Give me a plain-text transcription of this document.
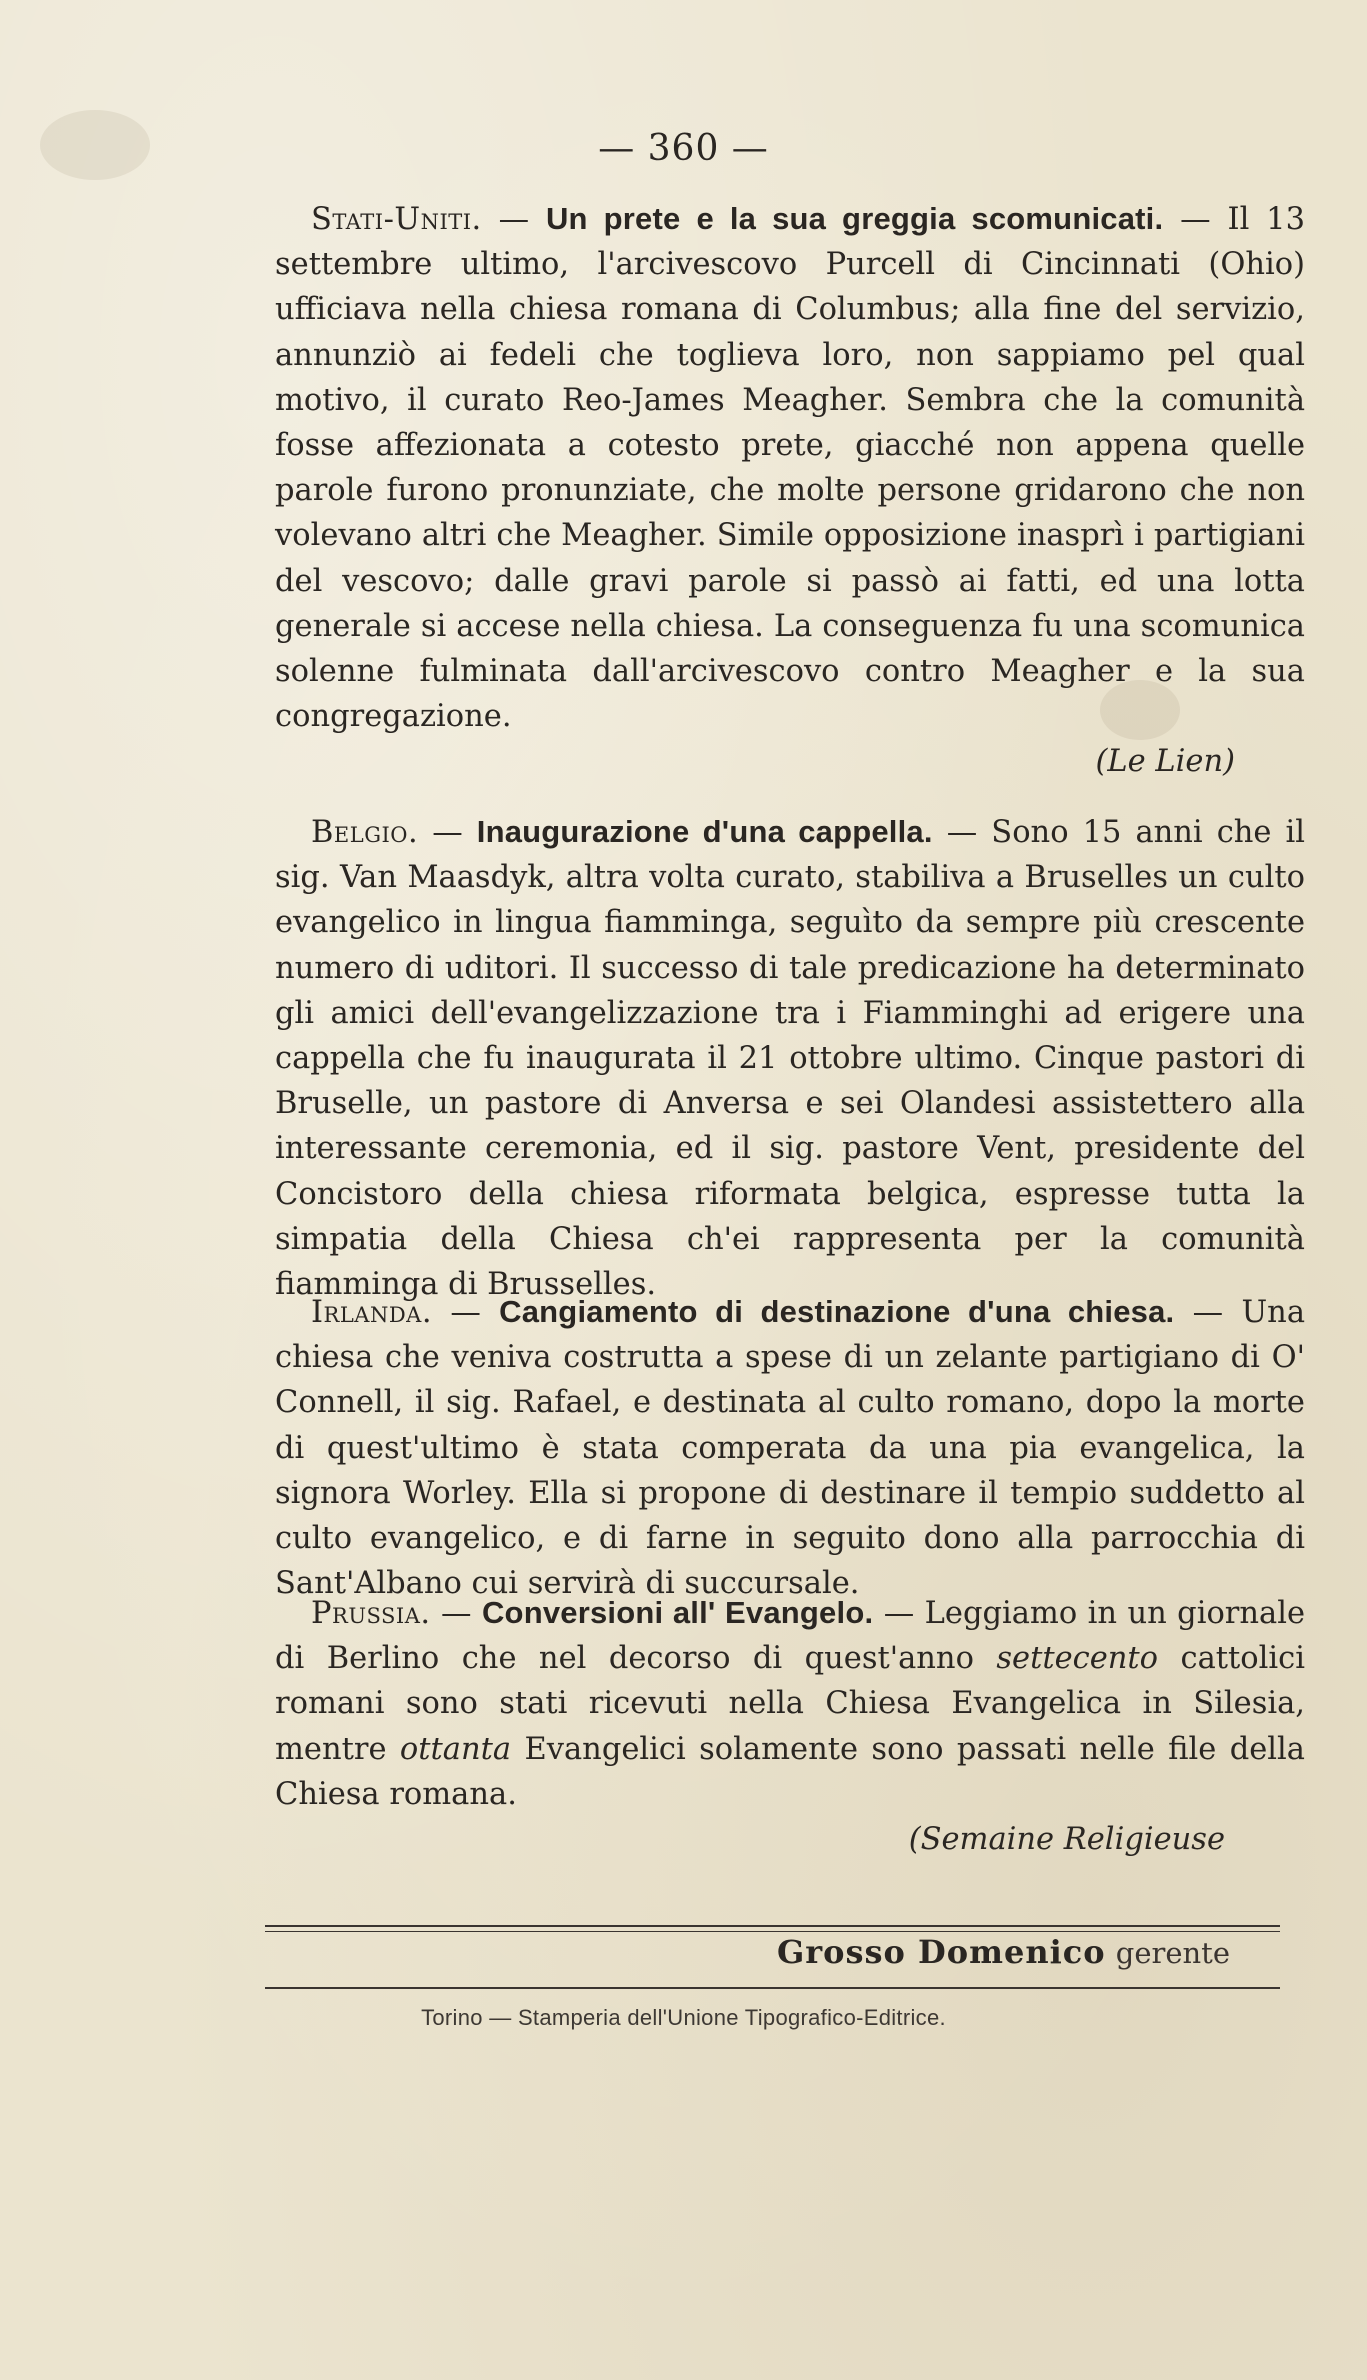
— 360 —

Stati-Uniti. — Un prete e la sua greggia scomunicati. — Il 13 settembre ultimo, l'arcivescovo Purcell di Cincinnati (Ohio) ufficiava nella chiesa romana di Columbus; alla fine del servizio, annunziò ai fedeli che toglieva loro, non sappiamo pel qual motivo, il curato Reo-James Meagher. Sembra che la comunità fosse affezionata a cotesto prete, giacché non appena quelle parole furono pronunziate, che molte persone gridarono che non volevano altri che Meagher. Simile opposizione inasprì i partigiani del vescovo; dalle gravi parole si passò ai fatti, ed una lotta generale si accese nella chiesa. La conseguenza fu una scomunica solenne fulminata dall'arcivescovo contro Meagher e la sua congregazione.

(Le Lien)

Belgio. — Inaugurazione d'una cappella. — Sono 15 anni che il sig. Van Maasdyk, altra volta curato, stabiliva a Bruselles un culto evangelico in lingua fiamminga, seguìto da sempre più crescente numero di uditori. Il successo di tale predicazione ha determinato gli amici dell'evangelizzazione tra i Fiamminghi ad erigere una cappella che fu inaugurata il 21 ottobre ultimo. Cinque pastori di Bruselle, un pastore di Anversa e sei Olandesi assistettero alla interessante ceremonia, ed il sig. pastore Vent, presidente del Concistoro della chiesa riformata belgica, espresse tutta la simpatia della Chiesa ch'ei rappresenta per la comunità fiamminga di Brusselles.

Irlanda. — Cangiamento di destinazione d'una chiesa. — Una chiesa che veniva costrutta a spese di un zelante partigiano di O' Connell, il sig. Rafael, e destinata al culto romano, dopo la morte di quest'ultimo è stata comperata da una pia evangelica, la signora Worley. Ella si propone di destinare il tempio suddetto al culto evangelico, e di farne in seguito dono alla parrocchia di Sant'Albano cui servirà di succursale.

Prussia. — Conversioni all' Evangelo. — Leggiamo in un giornale di Berlino che nel decorso di quest'anno settecento cattolici romani sono stati ricevuti nella Chiesa Evangelica in Silesia, mentre ottanta Evangelici solamente sono passati nelle file della Chiesa romana.

(Semaine Religieuse
Grosso Domenico gerente
Torino — Stamperia dell'Unione Tipografico-Editrice.
